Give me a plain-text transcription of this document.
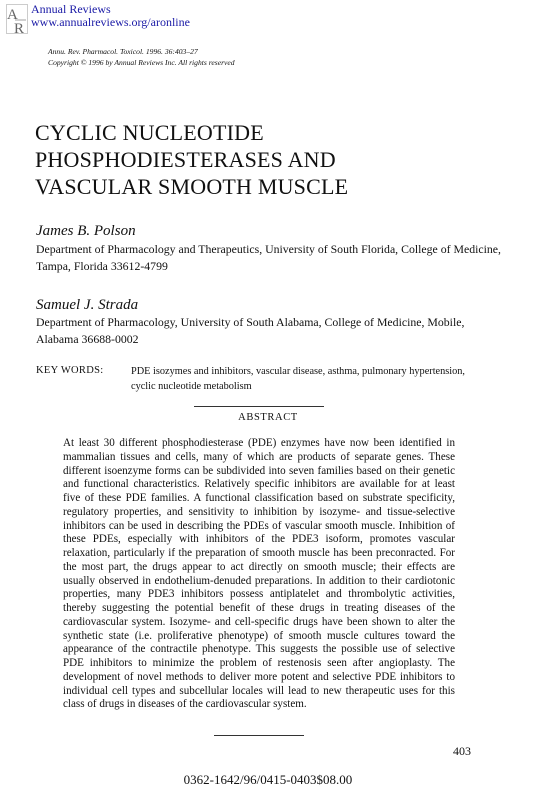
A
R
Annual Reviews
www.annualreviews.org/aronline
Annu. Rev. Pharmacol. Toxicol. 1996. 36:403–27
Copyright © 1996 by Annual Reviews Inc. All rights reserved
CYCLIC NUCLEOTIDE
PHOSPHODIESTERASES AND
VASCULAR SMOOTH MUSCLE
James B. Polson
Department of Pharmacology and Therapeutics, University of South Florida, College of Medicine, Tampa, Florida 33612-4799
Samuel J. Strada
Department of Pharmacology, University of South Alabama, College of Medicine, Mobile, Alabama 36688-0002
KEY WORDS:	PDE isozymes and inhibitors, vascular disease, asthma, pulmonary hypertension, cyclic nucleotide metabolism
ABSTRACT

At least 30 different phosphodiesterase (PDE) enzymes have now been identified in mammalian tissues and cells, many of which are products of separate genes. These different isoenzyme forms can be subdivided into seven families based on their genetic and functional characteristics. Relatively specific inhibitors are available for at least five of these PDE families. A functional classification based on substrate specificity, regulatory properties, and sensitivity to inhibition by isozyme- and tissue-selective inhibitors can be used in describing the PDEs of vascular smooth muscle. Inhibition of these PDEs, especially with inhibitors of the PDE3 isoform, promotes vascular relaxation, particularly if the preparation of smooth muscle has been preconracted. For the most part, the drugs appear to act directly on smooth muscle; their effects are usually observed in endothelium-denuded preparations. In addition to their cardiotonic properties, many PDE3 inhibitors possess antiplatelet and thrombolytic activities, thereby suggesting the potential benefit of these drugs in treating diseases of the cardiovascular system. Isozyme- and cell-specific drugs have been shown to alter the synthetic state (i.e. proliferative phenotype) of smooth muscle cultures toward the appearance of the contractile phenotype. This suggests the possible use of selective PDE inhibitors to minimize the problem of restenosis seen after angioplasty. The development of novel methods to deliver more potent and selective PDE inhibitors to individual cell types and subcellular locales will lead to new therapeutic uses for this class of drugs in diseases of the cardiovascular system.

403
0362-1642/96/0415-0403$08.00
